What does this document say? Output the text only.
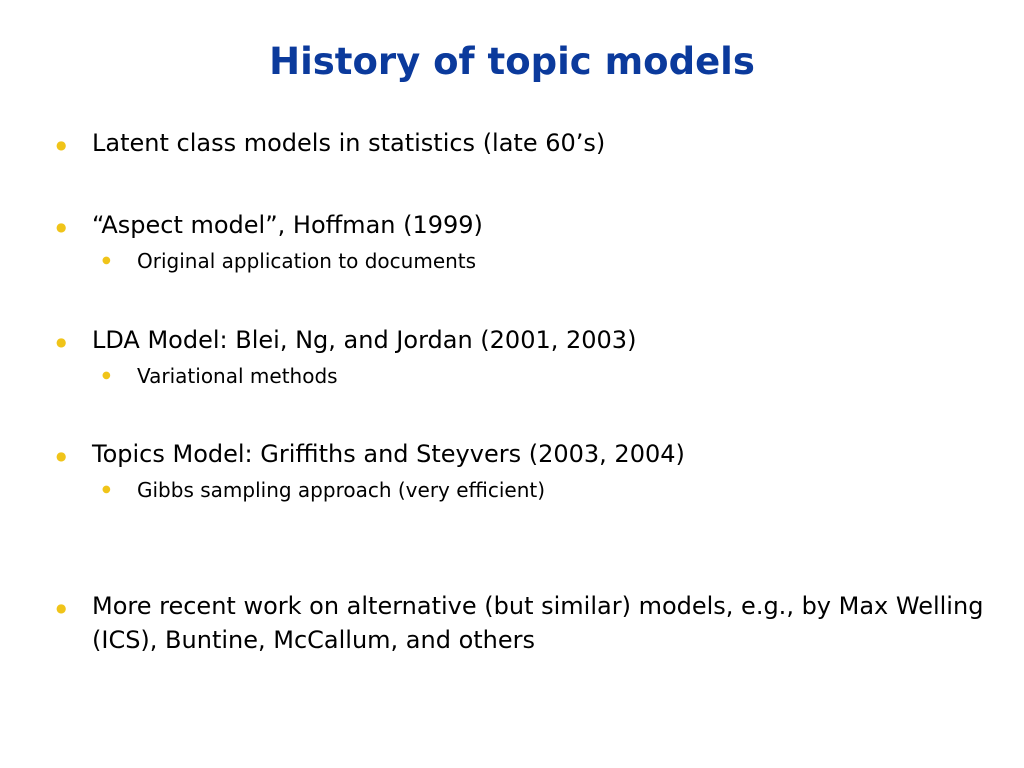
History of topic models
● Latent class models in statistics (late 60’s)
● “Aspect model”, Hoffman (1999)
● Original application to documents
● LDA Model: Blei, Ng, and Jordan (2001, 2003)
● Variational methods
● Topics Model: Griffiths and Steyvers (2003, 2004)
● Gibbs sampling approach (very efficient)
● More recent work on alternative (but similar) models, e.g., by Max Welling (ICS), Buntine, McCallum, and others
